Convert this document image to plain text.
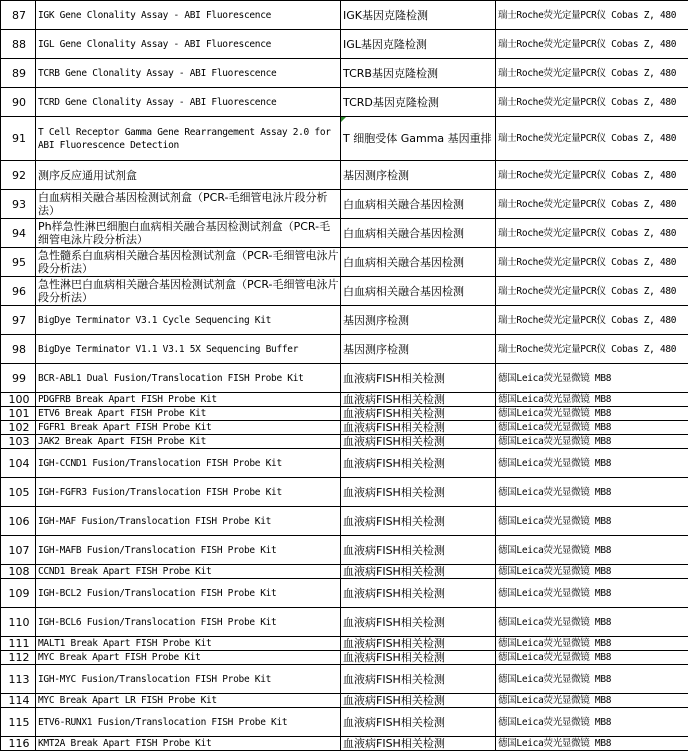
87	IGK Gene Clonality Assay - ABI Fluorescence	IGK基因克隆检测	瑞士Roche荧光定量PCR仪 Cobas Z, 480
88	IGL Gene Clonality Assay - ABI Fluorescence	IGL基因克隆检测	瑞士Roche荧光定量PCR仪 Cobas Z, 480
89	TCRB Gene Clonality Assay - ABI Fluorescence	TCRB基因克隆检测	瑞士Roche荧光定量PCR仪 Cobas Z, 480
90	TCRD Gene Clonality Assay - ABI Fluorescence	TCRD基因克隆检测	瑞士Roche荧光定量PCR仪 Cobas Z, 480
91	T Cell Receptor Gamma Gene Rearrangement Assay 2.0 for ABI Fluorescence Detection	T 细胞受体 Gamma 基因重排	瑞士Roche荧光定量PCR仪 Cobas Z, 480
92	测序反应通用试剂盒	基因测序检测	瑞士Roche荧光定量PCR仪 Cobas Z, 480
93	白血病相关融合基因检测试剂盒（PCR-毛细管电泳片段分析法）	白血病相关融合基因检测	瑞士Roche荧光定量PCR仪 Cobas Z, 480
94	Ph样急性淋巴细胞白血病相关融合基因检测试剂盒（PCR-毛细管电泳片段分析法）	白血病相关融合基因检测	瑞士Roche荧光定量PCR仪 Cobas Z, 480
95	急性髓系白血病相关融合基因检测试剂盒（PCR-毛细管电泳片段分析法）	白血病相关融合基因检测	瑞士Roche荧光定量PCR仪 Cobas Z, 480
96	急性淋巴白血病相关融合基因检测试剂盒（PCR-毛细管电泳片段分析法）	白血病相关融合基因检测	瑞士Roche荧光定量PCR仪 Cobas Z, 480
97	BigDye Terminator V3.1 Cycle Sequencing Kit	基因测序检测	瑞士Roche荧光定量PCR仪 Cobas Z, 480
98	BigDye Terminator V1.1 V3.1 5X Sequencing Buffer	基因测序检测	瑞士Roche荧光定量PCR仪 Cobas Z, 480
99	BCR-ABL1 Dual Fusion/Translocation FISH Probe Kit	血液病FISH相关检测	德国Leica荧光显微镜 MB8
100	PDGFRB Break Apart FISH Probe Kit	血液病FISH相关检测	德国Leica荧光显微镜 MB8
101	ETV6 Break Apart FISH Probe Kit	血液病FISH相关检测	德国Leica荧光显微镜 MB8
102	FGFR1 Break Apart FISH Probe Kit	血液病FISH相关检测	德国Leica荧光显微镜 MB8
103	JAK2 Break Apart FISH Probe Kit	血液病FISH相关检测	德国Leica荧光显微镜 MB8
104	IGH-CCND1 Fusion/Translocation FISH Probe Kit	血液病FISH相关检测	德国Leica荧光显微镜 MB8
105	IGH-FGFR3 Fusion/Translocation FISH Probe Kit	血液病FISH相关检测	德国Leica荧光显微镜 MB8
106	IGH-MAF Fusion/Translocation FISH Probe Kit	血液病FISH相关检测	德国Leica荧光显微镜 MB8
107	IGH-MAFB Fusion/Translocation FISH Probe Kit	血液病FISH相关检测	德国Leica荧光显微镜 MB8
108	CCND1 Break Apart FISH Probe Kit	血液病FISH相关检测	德国Leica荧光显微镜 MB8
109	IGH-BCL2 Fusion/Translocation FISH Probe Kit	血液病FISH相关检测	德国Leica荧光显微镜 MB8
110	IGH-BCL6 Fusion/Translocation FISH Probe Kit	血液病FISH相关检测	德国Leica荧光显微镜 MB8
111	MALT1 Break Apart FISH Probe Kit	血液病FISH相关检测	德国Leica荧光显微镜 MB8
112	MYC Break Apart FISH Probe Kit	血液病FISH相关检测	德国Leica荧光显微镜 MB8
113	IGH-MYC Fusion/Translocation FISH Probe Kit	血液病FISH相关检测	德国Leica荧光显微镜 MB8
114	MYC Break Apart LR FISH Probe Kit	血液病FISH相关检测	德国Leica荧光显微镜 MB8
115	ETV6-RUNX1 Fusion/Translocation FISH Probe Kit	血液病FISH相关检测	德国Leica荧光显微镜 MB8
116	KMT2A Break Apart FISH Probe Kit	血液病FISH相关检测	德国Leica荧光显微镜 MB8
